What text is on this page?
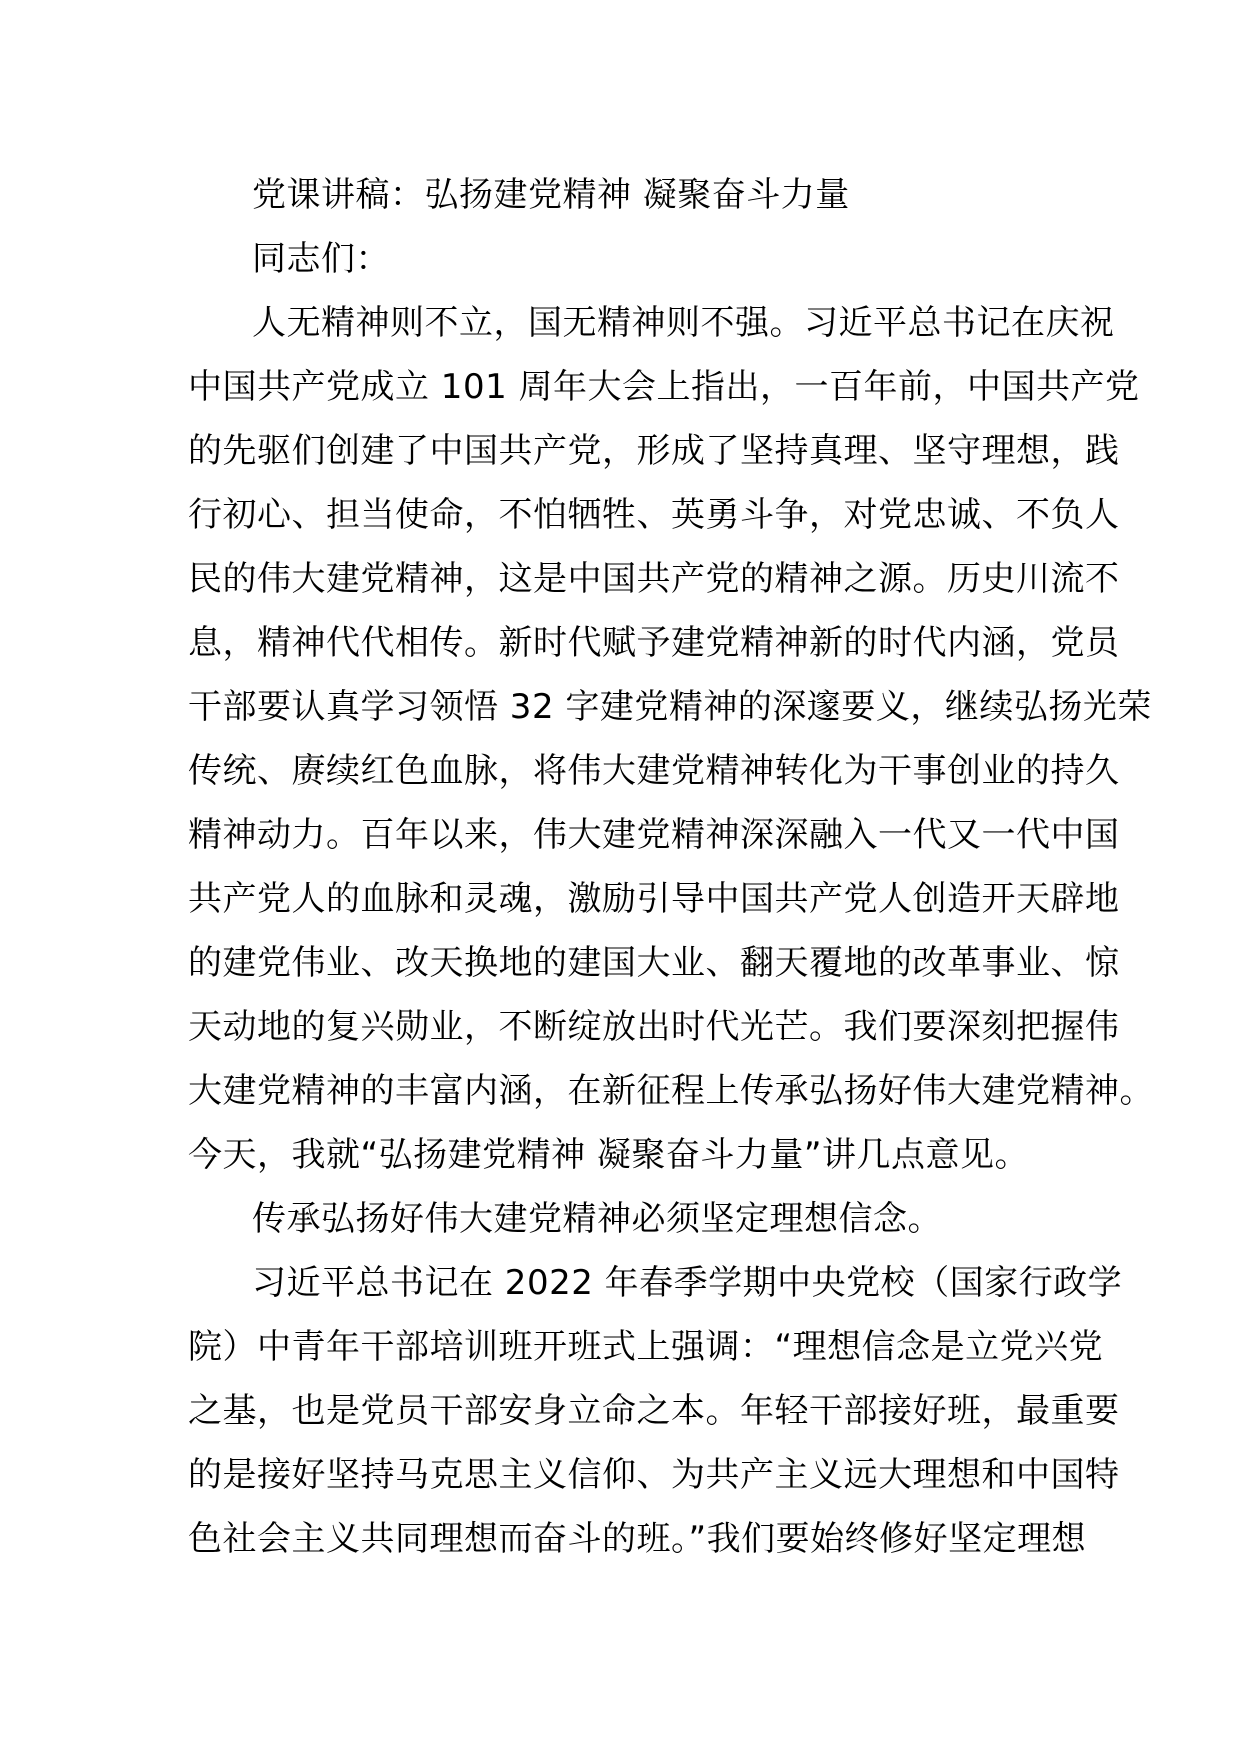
党课讲稿：弘扬建党精神 凝聚奋斗力量
同志们：
人无精神则不立，国无精神则不强。习近平总书记在庆祝
中国共产党成立 101 周年大会上指出，一百年前，中国共产党
的先驱们创建了中国共产党，形成了坚持真理、坚守理想，践
行初心、担当使命，不怕牺牲、英勇斗争，对党忠诚、不负人
民的伟大建党精神，这是中国共产党的精神之源。历史川流不
息，精神代代相传。新时代赋予建党精神新的时代内涵，党员
干部要认真学习领悟 32 字建党精神的深邃要义，继续弘扬光荣
传统、赓续红色血脉，将伟大建党精神转化为干事创业的持久
精神动力。百年以来，伟大建党精神深深融入一代又一代中国
共产党人的血脉和灵魂，激励引导中国共产党人创造开天辟地
的建党伟业、改天换地的建国大业、翻天覆地的改革事业、惊
天动地的复兴勋业，不断绽放出时代光芒。我们要深刻把握伟
大建党精神的丰富内涵，在新征程上传承弘扬好伟大建党精神。
今天，我就“弘扬建党精神 凝聚奋斗力量”讲几点意见。
传承弘扬好伟大建党精神必须坚定理想信念。
习近平总书记在 2022 年春季学期中央党校（国家行政学
院）中青年干部培训班开班式上强调：“理想信念是立党兴党
之基，也是党员干部安身立命之本。年轻干部接好班，最重要
的是接好坚持马克思主义信仰、为共产主义远大理想和中国特
色社会主义共同理想而奋斗的班。”我们要始终修好坚定理想
